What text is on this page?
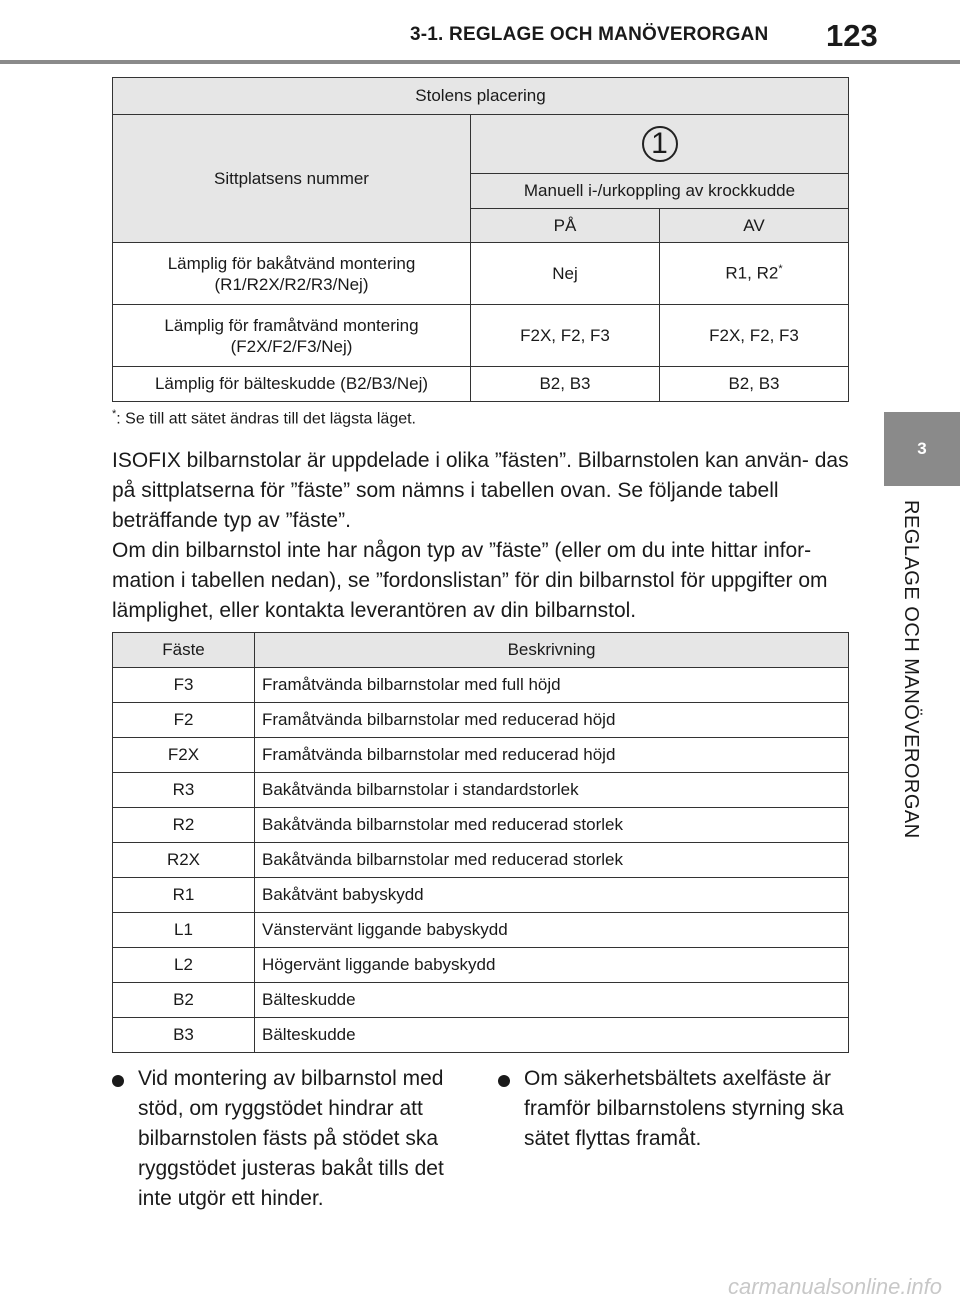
3-1. REGLAGE OCH MANÖVERORGAN 123
3
REGLAGE OCH MANÖVERORGAN
Stolens placering		
Sittplatsens nummer	1	
	Manuell i-/urkoppling av krockkudde	
	PÅ	AV
Lämplig för bakåtvänd montering (R1/R2X/R2/R3/Nej)	Nej	R1, R2*
Lämplig för framåtvänd montering (F2X/F2/F3/Nej)	F2X, F2, F3	F2X, F2, F3
Lämplig för bälteskudde (B2/B3/Nej)	B2, B3	B2, B3
*: Se till att sätet ändras till det lägsta läget.

ISOFIX bilbarnstolar är uppdelade i olika ”fästen”. Bilbarnstolen kan använ- das på sittplatserna för ”fäste” som nämns i tabellen ovan. Se följande tabell beträffande typ av ”fäste”.

Om din bilbarnstol inte har någon typ av ”fäste” (eller om du inte hittar infor- mation i tabellen nedan), se ”fordonslistan” för din bilbarnstol för uppgifter om lämplighet, eller kontakta leverantören av din bilbarnstol.

Fäste	Beskrivning
F3	Framåtvända bilbarnstolar med full höjd
F2	Framåtvända bilbarnstolar med reducerad höjd
F2X	Framåtvända bilbarnstolar med reducerad höjd
R3	Bakåtvända bilbarnstolar i standardstorlek
R2	Bakåtvända bilbarnstolar med reducerad storlek
R2X	Bakåtvända bilbarnstolar med reducerad storlek
R1	Bakåtvänt babyskydd
L1	Vänstervänt liggande babyskydd
L2	Högervänt liggande babyskydd
B2	Bälteskudde
B3	Bälteskudde
Vid montering av bilbarnstol med stöd, om ryggstödet hindrar att bilbarnstolen fästs på stödet ska ryggstödet justeras bakåt tills det inte utgör ett hinder.
Om säkerhetsbältets axelfäste är framför bilbarnstolens styrning ska sätet flyttas framåt.
carmanualsonline.info
